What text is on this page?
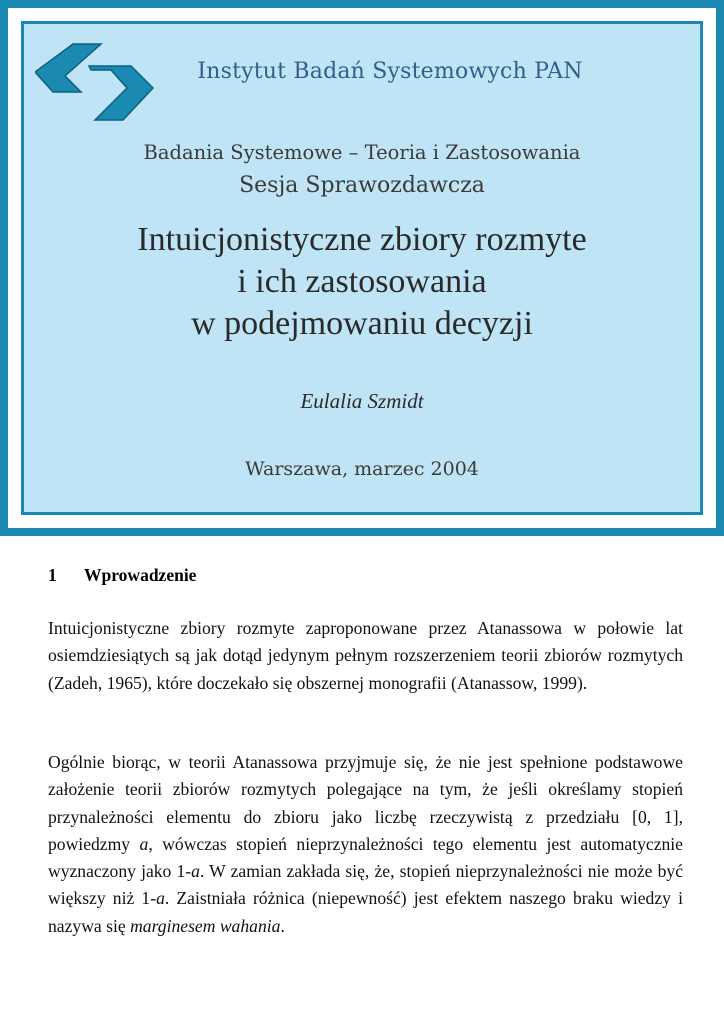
Instytut Badań Systemowych PAN
Badania Systemowe – Teoria i Zastosowania
Sesja Sprawozdawcza
Intuicjonistyczne zbiory rozmyte
i ich zastosowania
w podejmowaniu decyzji
Eulalia Szmidt
Warszawa, marzec 2004
1 Wprowadzenie
Intuicjonistyczne zbiory rozmyte zaproponowane przez Atanassowa w połowie lat osiemdziesiątych są jak dotąd jedynym pełnym rozszerzeniem teorii zbiorów rozmytych (Zadeh, 1965), które doczekało się obszernej monografii (Atanassow, 1999).
Ogólnie biorąc, w teorii Atanassowa przyjmuje się, że nie jest spełnione podstawowe założenie teorii zbiorów rozmytych polegające na tym, że jeśli określamy stopień przynależności elementu do zbioru jako liczbę rzeczywistą z przedziału [0, 1], powiedzmy a, wówczas stopień nieprzynależności tego elementu jest automatycznie wyznaczony jako 1-a. W zamian zakłada się, że, stopień nieprzynależności nie może być większy niż 1-a. Zaistniała różnica (niepewność) jest efektem naszego braku wiedzy i nazywa się marginesem wahania.
